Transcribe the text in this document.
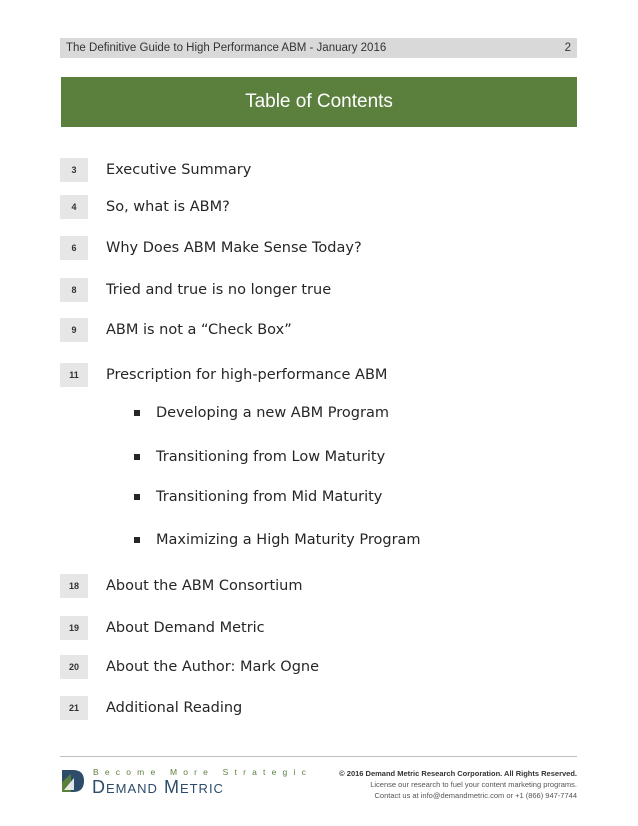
The Definitive Guide to High Performance ABM - January 2016	2
Table of Contents
3	Executive Summary
4	So, what is ABM?
6	Why Does ABM Make Sense Today?
8	Tried and true is no longer true
9	ABM is not a “Check Box”
11	Prescription for high-performance ABM
Developing a new ABM Program
Transitioning from Low Maturity
Transitioning from Mid Maturity
Maximizing a High Maturity Program
18	About the ABM Consortium
19	About Demand Metric
20	About the Author: Mark Ogne
21	Additional Reading
Become More Strategic
Demand Metric
© 2016 Demand Metric Research Corporation. All Rights Reserved.
License our research to fuel your content marketing programs.
Contact us at info@demandmetric.com or +1 (866) 947-7744
